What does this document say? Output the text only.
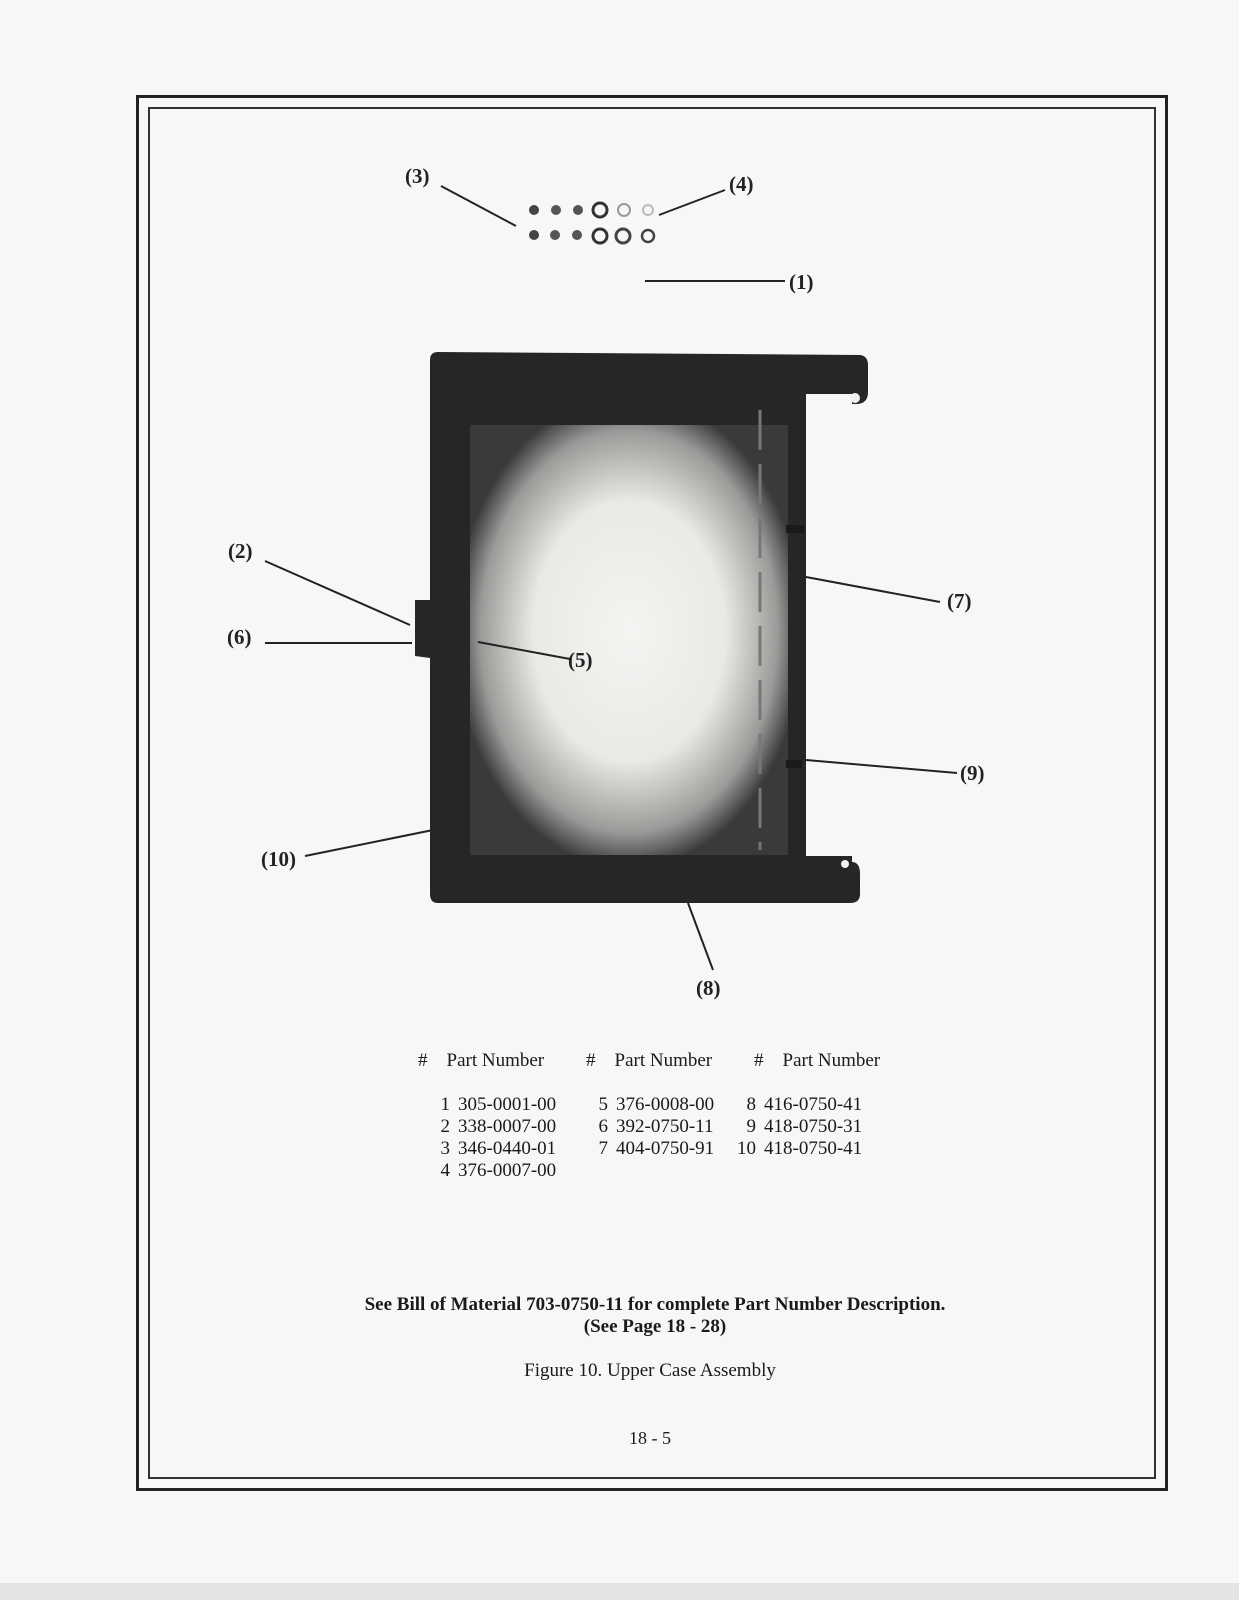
(1)
(2)
(3)	(4)
(5)
(6)
(7)
(8)
(9)
(10)
# Part Number # Part Number # Part Number
1 305-0001-00
2 338-0007-00
3 346-0440-01
4 376-0007-00
5 376-0008-00
6 392-0750-11
7 404-0750-91
8 416-0750-41
9 418-0750-31
10 418-0750-41
See Bill of Material 703-0750-11 for complete Part Number Description.
(See Page 18 - 28)
Figure 10. Upper Case Assembly
18 - 5
